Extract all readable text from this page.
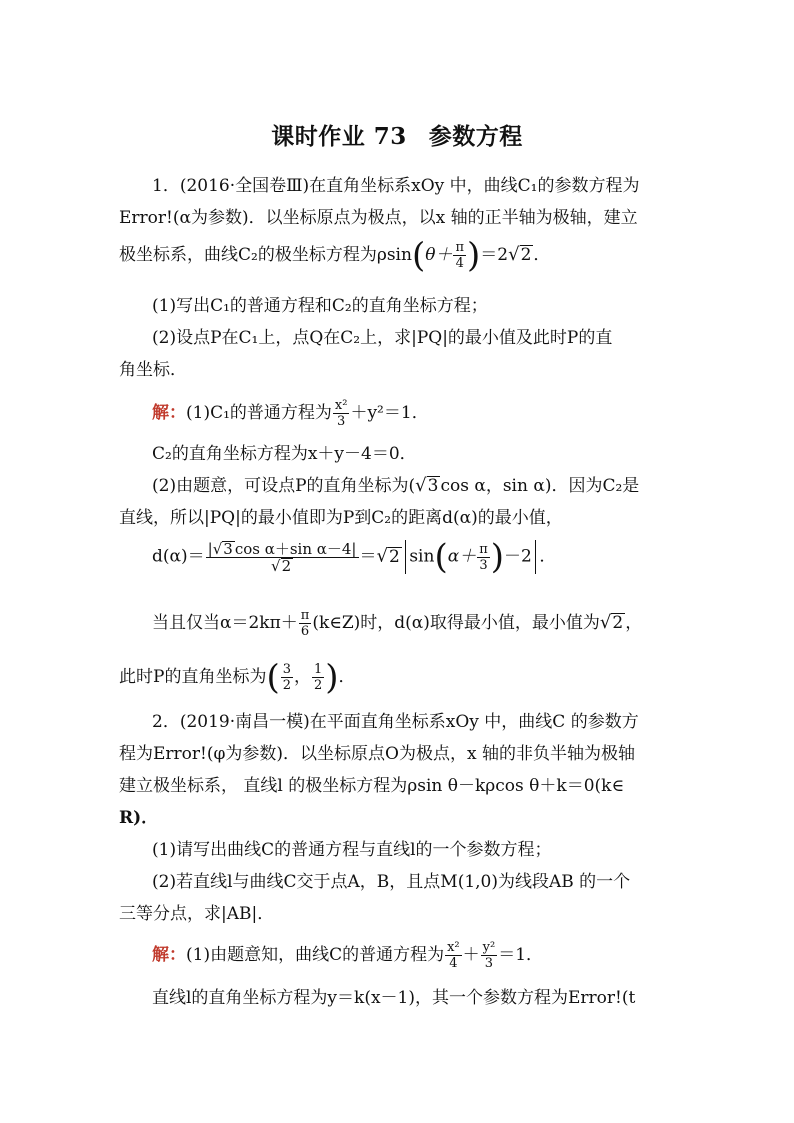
课时作业 73 参数方程
1．(2016·全国卷Ⅲ)在直角坐标系xOy 中，曲线C₁的参数方程为
Error!(α为参数)．以坐标原点为极点，以x 轴的正半轴为极轴，建立
极坐标系，曲线C₂的极坐标方程为$\rho\sin(\theta+ \frac{\pi}{4} )=2√2$ ．
(1)写出C₁的普通方程和C₂的直角坐标方程；
(2)设点P在C₁上，点Q在C₂上，求|PQ|的最小值及此时P的直
角坐标．
解：(1)C₁的普通方程为 $\frac{\text{x²}}{3} +y^2=1$．
C₂的直角坐标方程为x＋y－4＝0．
(2)由题意，可设点P的直角坐标为(√3 cos α，sin α)．因为C₂是
直线，所以|PQ|的最小值即为P到C₂的距离d(α)的最小值，
$d(\alpha)= \frac{\text{|√3 cos α＋sin α－4|}}{√2} =√2$ $\sin(\alpha+ \frac{\pi}{3} )-2$ ．
当且仅当$\alpha=2k\pi+ \frac{\pi}{6}$ (k∈Z)时，d(α)取得最小值，最小值为√2 ，
此时P的直角坐标为( $\frac{3}{2}$ ， $\frac{1}{2}$ )．
2．(2019·南昌一模)在平面直角坐标系xOy 中，曲线C 的参数方
程为Error!(φ为参数)．以坐标原点O为极点，x 轴的非负半轴为极轴
建立极坐标系， 直线l 的极坐标方程为ρsin θ－kρcos θ＋k＝0(k∈
R)．
(1)请写出曲线C的普通方程与直线l的一个参数方程；
(2)若直线l与曲线C交于点A，B，且点M(1,0)为线段AB 的一个
三等分点，求|AB|．
解：(1)由题意知，曲线C的普通方程为 $\frac{\text{x²}}{4} + \frac{\text{y²}}{3} =1$．
直线l的直角坐标方程为y＝k(x－1)，其一个参数方程为Error!(t
